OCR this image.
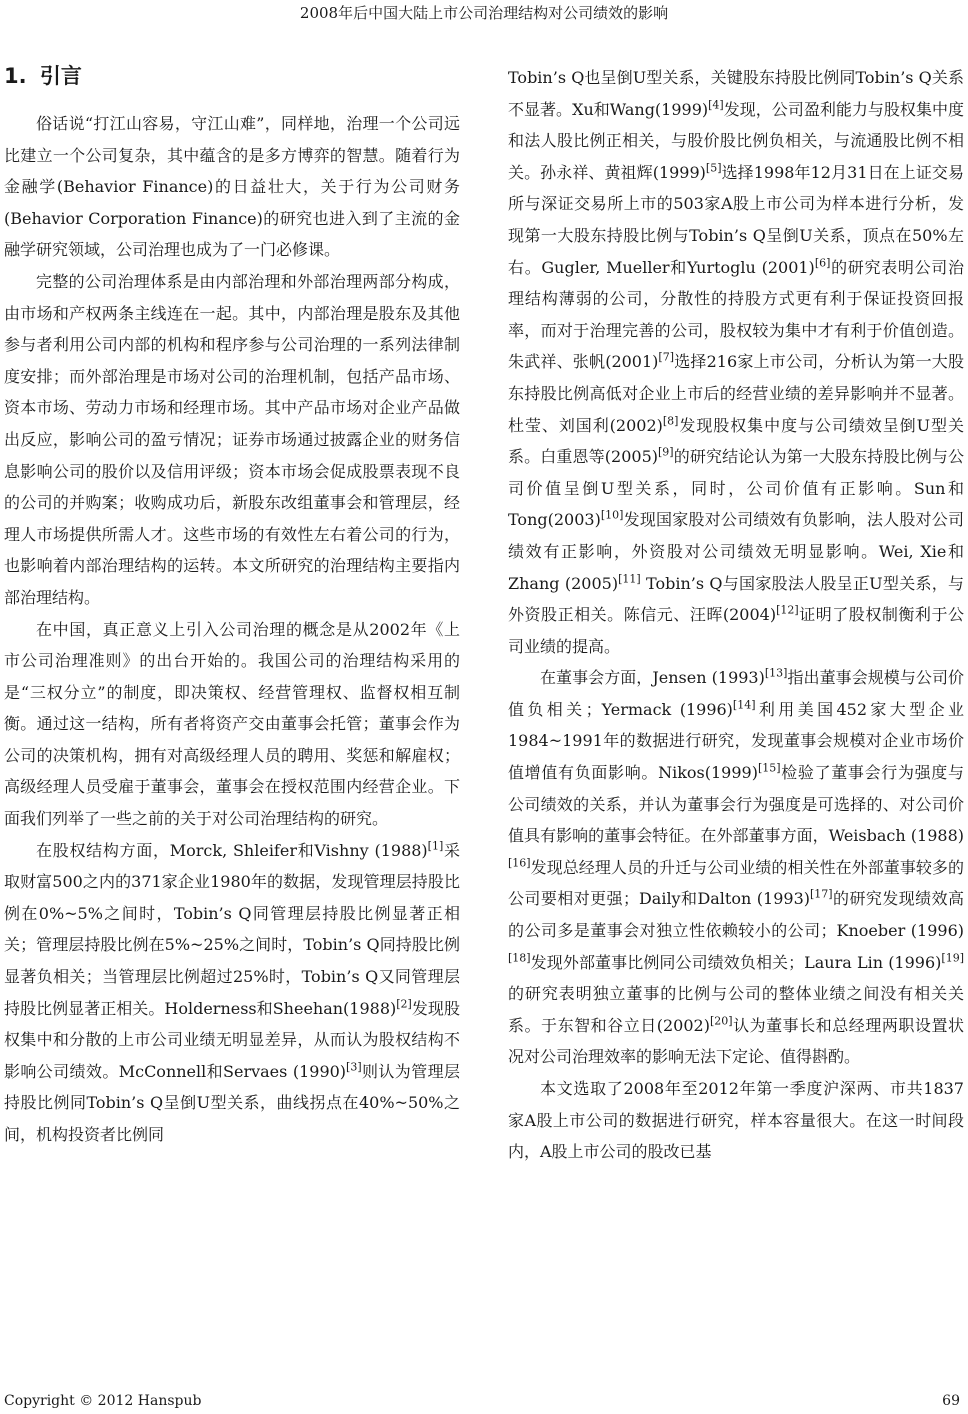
2008年后中国大陆上市公司治理结构对公司绩效的影响
1. 引言

俗话说“打江山容易，守江山难”，同样地，治理一个公司远比建立一个公司复杂，其中蕴含的是多方博弈的智慧。随着行为金融学(Behavior Finance)的日益壮大，关于行为公司财务(Behavior Corporation Finance)的研究也进入到了主流的金融学研究领域，公司治理也成为了一门必修课。

完整的公司治理体系是由内部治理和外部治理两部分构成，由市场和产权两条主线连在一起。其中，内部治理是股东及其他参与者利用公司内部的机构和程序参与公司治理的一系列法律制度安排；而外部治理是市场对公司的治理机制，包括产品市场、资本市场、劳动力市场和经理市场。其中产品市场对企业产品做出反应，影响公司的盈亏情况；证券市场通过披露企业的财务信息影响公司的股价以及信用评级；资本市场会促成股票表现不良的公司的并购案；收购成功后，新股东改组董事会和管理层，经理人市场提供所需人才。这些市场的有效性左右着公司的行为，也影响着内部治理结构的运转。本文所研究的治理结构主要指内部治理结构。

在中国，真正意义上引入公司治理的概念是从2002年《上市公司治理准则》的出台开始的。我国公司的治理结构采用的是“三权分立”的制度，即决策权、经营管理权、监督权相互制衡。通过这一结构，所有者将资产交由董事会托管；董事会作为公司的决策机构，拥有对高级经理人员的聘用、奖惩和解雇权；高级经理人员受雇于董事会，董事会在授权范围内经营企业。下面我们列举了一些之前的关于对公司治理结构的研究。

在股权结构方面，Morck, Shleifer和Vishny (1988)[1]采取财富500之内的371家企业1980年的数据，发现管理层持股比例在0%~5%之间时，Tobin’s Q同管理层持股比例显著正相关；管理层持股比例在5%~25%之间时，Tobin’s Q同持股比例显著负相关；当管理层比例超过25%时，Tobin’s Q又同管理层持股比例显著正相关。Holderness和Sheehan(1988)[2]发现股权集中和分散的上市公司业绩无明显差异，从而认为股权结构不影响公司绩效。McConnell和Servaes (1990)[3]则认为管理层持股比例同Tobin’s Q呈倒U型关系，曲线拐点在40%~50%之间，机构投资者比例同

Tobin’s Q也呈倒U型关系，关键股东持股比例同Tobin’s Q关系不显著。Xu和Wang(1999)[4]发现，公司盈利能力与股权集中度和法人股比例正相关，与股价股比例负相关，与流通股比例不相关。孙永祥、黄祖辉(1999)[5]选择1998年12月31日在上证交易所与深证交易所上市的503家A股上市公司为样本进行分析，发现第一大股东持股比例与Tobin’s Q呈倒U关系，顶点在50%左右。Gugler, Mueller和Yurtoglu (2001)[6]的研究表明公司治理结构薄弱的公司，分散性的持股方式更有利于保证投资回报率，而对于治理完善的公司，股权较为集中才有利于价值创造。朱武祥、张帆(2001)[7]选择216家上市公司，分析认为第一大股东持股比例高低对企业上市后的经营业绩的差异影响并不显著。杜莹、刘国利(2002)[8]发现股权集中度与公司绩效呈倒U型关系。白重恩等(2005)[9]的研究结论认为第一大股东持股比例与公司价值呈倒U型关系，同时，公司价值有正影响。Sun和Tong(2003)[10]发现国家股对公司绩效有负影响，法人股对公司绩效有正影响，外资股对公司绩效无明显影响。Wei, Xie和Zhang (2005)[11] Tobin’s Q与国家股法人股呈正U型关系，与外资股正相关。陈信元、汪晖(2004)[12]证明了股权制衡利于公司业绩的提高。

在董事会方面，Jensen (1993)[13]指出董事会规模与公司价值负相关；Yermack (1996)[14]利用美国452家大型企业1984~1991年的数据进行研究，发现董事会规模对企业市场价值增值有负面影响。Nikos(1999)[15]检验了董事会行为强度与公司绩效的关系，并认为董事会行为强度是可选择的、对公司价值具有影响的董事会特征。在外部董事方面，Weisbach (1988)[16]发现总经理人员的升迁与公司业绩的相关性在外部董事较多的公司要相对更强；Daily和Dalton (1993)[17]的研究发现绩效高的公司多是董事会对独立性依赖较小的公司；Knoeber (1996)[18]发现外部董事比例同公司绩效负相关；Laura Lin (1996)[19]的研究表明独立董事的比例与公司的整体业绩之间没有相关关系。于东智和谷立日(2002)[20]认为董事长和总经理两职设置状况对公司治理效率的影响无法下定论、值得斟酌。

本文选取了2008年至2012年第一季度沪深两、市共1837家A股上市公司的数据进行研究，样本容量很大。在这一时间段内，A股上市公司的股改已基

Copyright © 2012 Hanspub	69
